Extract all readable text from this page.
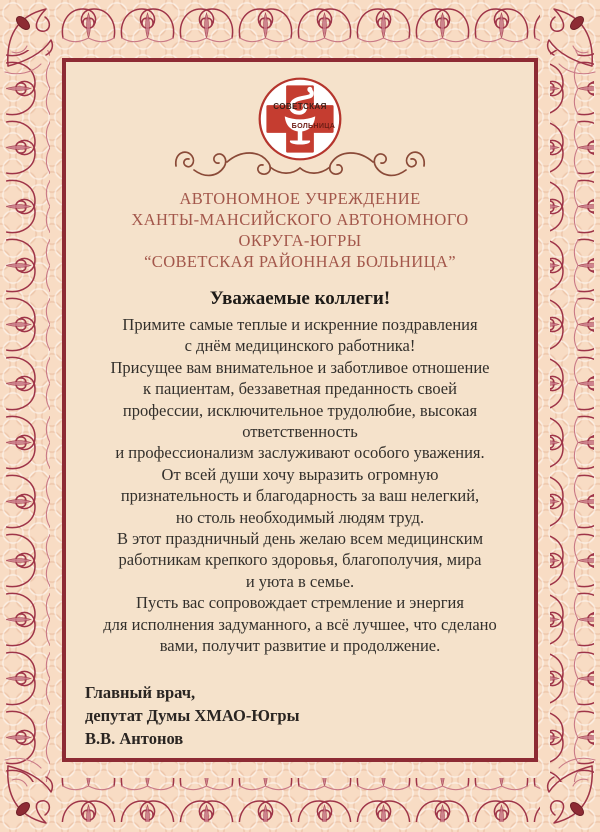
СОВЕТСКАЯ
БОЛЬНИЦА
АВТОНОМНОЕ УЧРЕЖДЕНИЕ
ХАНТЫ-МАНСИЙСКОГО АВТОНОМНОГО
ОКРУГА-ЮГРЫ
“СОВЕТСКАЯ РАЙОННАЯ БОЛЬНИЦА”
Уважаемые коллеги!
Примите самые теплые и искренние поздравления
с днём медицинского работника!
Присущее вам внимательное и заботливое отношение
к пациентам, беззаветная преданность своей
профессии, исключительное трудолюбие, высокая
ответственность
и профессионализм заслуживают особого уважения.
От всей души хочу выразить огромную
признательность и благодарность за ваш нелегкий,
но столь необходимый людям труд.
В этот праздничный день желаю всем медицинским
работникам крепкого здоровья, благополучия, мира
и уюта в семье.
Пусть вас сопровождает стремление и энергия
для исполнения задуманного, а всё лучшее, что сделано
вами, получит развитие и продолжение.
Главный врач,
депутат Думы ХМАО-Югры
В.В. Антонов
